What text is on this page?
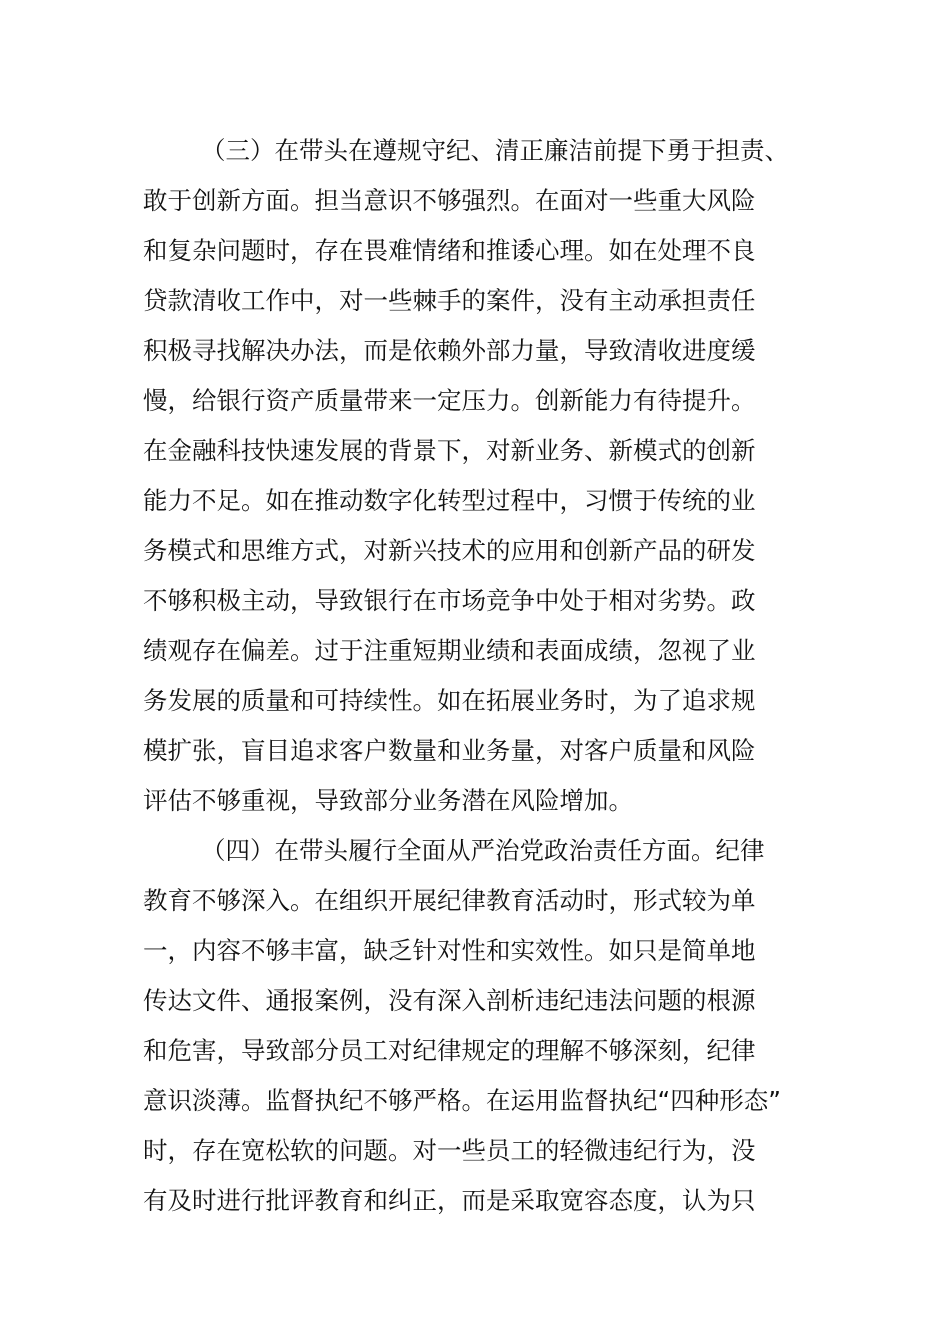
（三）在带头在遵规守纪、清正廉洁前提下勇于担责、
敢于创新方面。担当意识不够强烈。在面对一些重大风险
和复杂问题时，存在畏难情绪和推诿心理。如在处理不良
贷款清收工作中，对一些棘手的案件，没有主动承担责任
积极寻找解决办法，而是依赖外部力量，导致清收进度缓
慢，给银行资产质量带来一定压力。创新能力有待提升。
在金融科技快速发展的背景下，对新业务、新模式的创新
能力不足。如在推动数字化转型过程中，习惯于传统的业
务模式和思维方式，对新兴技术的应用和创新产品的研发
不够积极主动，导致银行在市场竞争中处于相对劣势。政
绩观存在偏差。过于注重短期业绩和表面成绩，忽视了业
务发展的质量和可持续性。如在拓展业务时，为了追求规
模扩张，盲目追求客户数量和业务量，对客户质量和风险
评估不够重视，导致部分业务潜在风险增加。
（四）在带头履行全面从严治党政治责任方面。纪律
教育不够深入。在组织开展纪律教育活动时，形式较为单
一，内容不够丰富，缺乏针对性和实效性。如只是简单地
传达文件、通报案例，没有深入剖析违纪违法问题的根源
和危害，导致部分员工对纪律规定的理解不够深刻，纪律
意识淡薄。监督执纪不够严格。在运用监督执纪“四种形态”
时，存在宽松软的问题。对一些员工的轻微违纪行为，没
有及时进行批评教育和纠正，而是采取宽容态度，认为只
